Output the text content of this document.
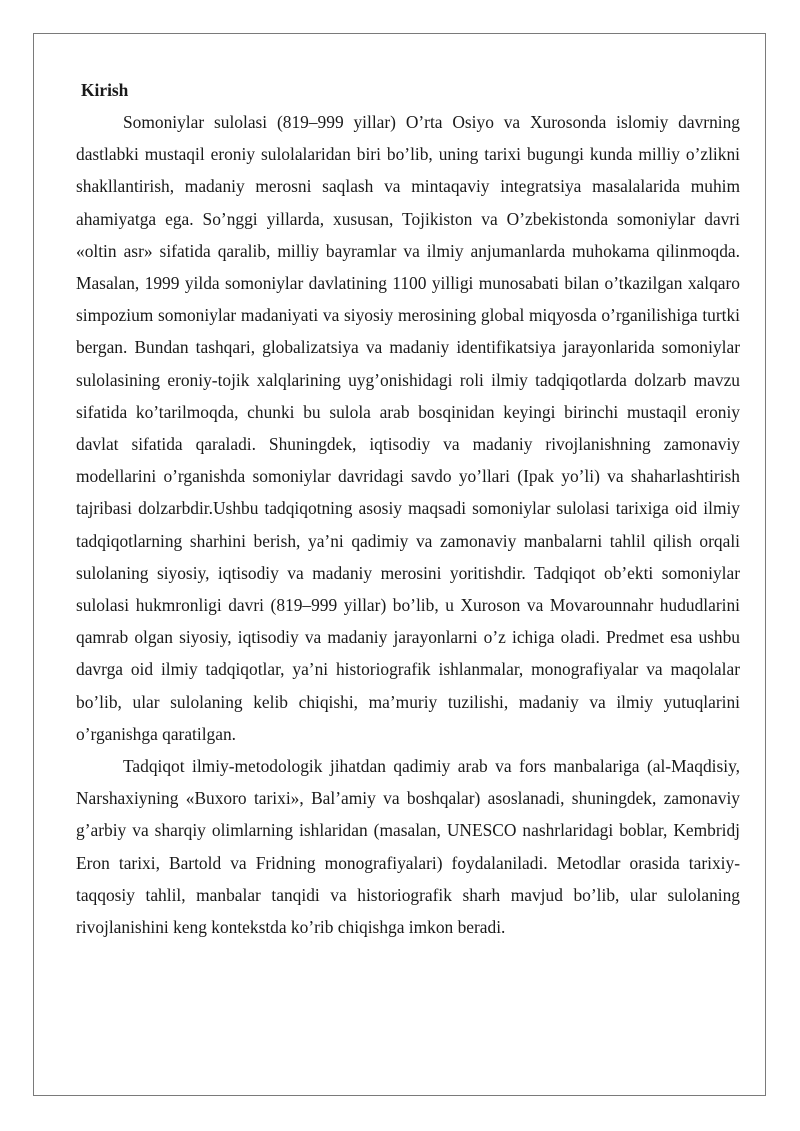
Kirish

Somoniylar sulolasi (819–999 yillar) O’rta Osiyo va Xurosonda islomiy davrning dastlabki mustaqil eroniy sulolalaridan biri bo’lib, uning tarixi bugungi kunda milliy o’zlikni shakllantirish, madaniy merosni saqlash va mintaqaviy integratsiya masalalarida muhim ahamiyatga ega. So’nggi yillarda, xususan, Tojikiston va O’zbekistonda somoniylar davri «oltin asr» sifatida qaralib, milliy bayramlar va ilmiy anjumanlarda muhokama qilinmoqda. Masalan, 1999 yilda somoniylar davlatining 1100 yilligi munosabati bilan o’tkazilgan xalqaro simpozium somoniylar madaniyati va siyosiy merosining global miqyosda o’rganilishiga turtki bergan. Bundan tashqari, globalizatsiya va madaniy identifikatsiya jarayonlarida somoniylar sulolasining eroniy-tojik xalqlarining uyg’onishidagi roli ilmiy tadqiqotlarda dolzarb mavzu sifatida ko’tarilmoqda, chunki bu sulola arab bosqinidan keyingi birinchi mustaqil eroniy davlat sifatida qaraladi. Shuningdek, iqtisodiy va madaniy rivojlanishning zamonaviy modellarini o’rganishda somoniylar davridagi savdo yo’llari (Ipak yo’li) va shaharlashtirish tajribasi dolzarbdir.Ushbu tadqiqotning asosiy maqsadi somoniylar sulolasi tarixiga oid ilmiy tadqiqotlarning sharhini berish, ya’ni qadimiy va zamonaviy manbalarni tahlil qilish orqali sulolaning siyosiy, iqtisodiy va madaniy merosini yoritishdir. Tadqiqot ob’ekti somoniylar sulolasi hukmronligi davri (819–999 yillar) bo’lib, u Xuroson va Movarounnahr hududlarini qamrab olgan siyosiy, iqtisodiy va madaniy jarayonlarni o’z ichiga oladi. Predmet esa ushbu davrga oid ilmiy tadqiqotlar, ya’ni historiografik ishlanmalar, monografiyalar va maqolalar bo’lib, ular sulolaning kelib chiqishi, ma’muriy tuzilishi, madaniy va ilmiy yutuqlarini o’rganishga qaratilgan.

Tadqiqot ilmiy-metodologik jihatdan qadimiy arab va fors manbalariga (al-Maqdisiy, Narshaxiyning «Buxoro tarixi», Bal’amiy va boshqalar) asoslanadi, shuningdek, zamonaviy g’arbiy va sharqiy olimlarning ishlaridan (masalan, UNESCO nashrlaridagi boblar, Kembridj Eron tarixi, Bartold va Fridning monografiyalari) foydalaniladi. Metodlar orasida tarixiy-taqqosiy tahlil, manbalar tanqidi va historiografik sharh mavjud bo’lib, ular sulolaning rivojlanishini keng kontekstda ko’rib chiqishga imkon beradi.
